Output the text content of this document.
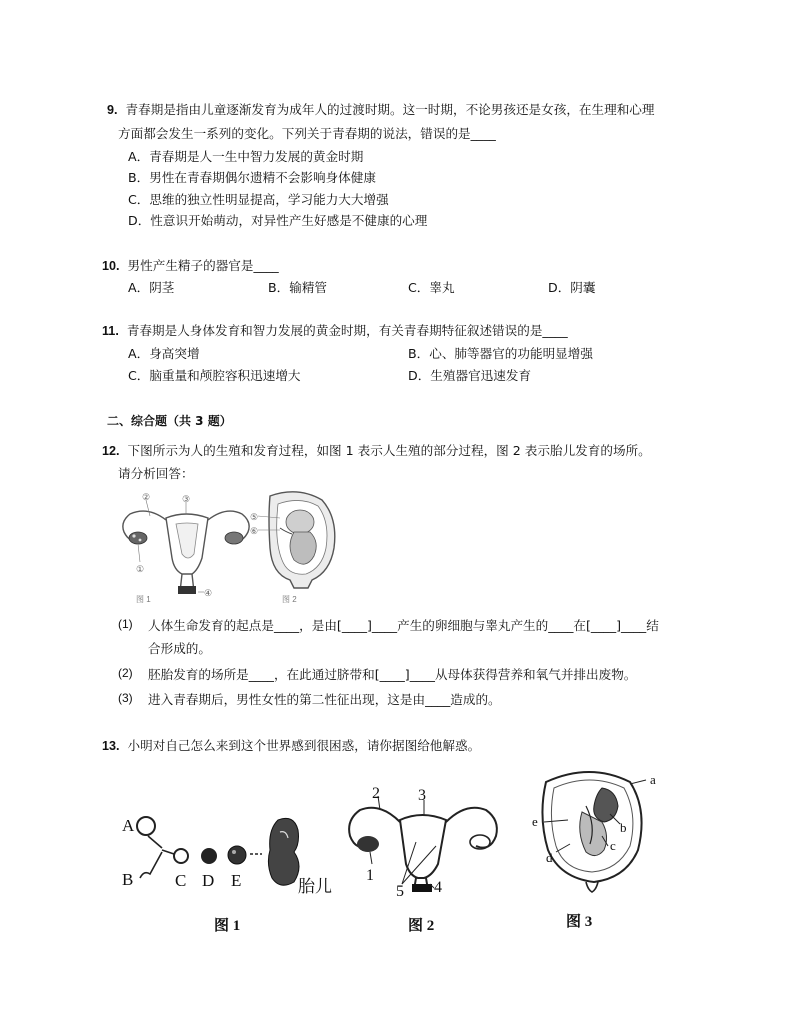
9. 青春期是指由儿童逐渐发育为成年人的过渡时期。这一时期，不论男孩还是女孩，在生理和心理
方面都会发生一系列的变化。下列关于青春期的说法，错误的是____
A．青春期是人一生中智力发展的黄金时期
B．男性在青春期偶尔遗精不会影响身体健康
C．思维的独立性明显提高，学习能力大大增强
D．性意识开始萌动，对异性产生好感是不健康的心理
10. 男性产生精子的器官是____
A．阴茎	B．输精管	C．睾丸	D．阴囊
11. 青春期是人身体发育和智力发展的黄金时期，有关青春期特征叙述错误的是____
A．身高突增	B．心、肺等器官的功能明显增强
C．脑重量和颅腔容积迅速增大	D．生殖器官迅速发育
二、综合题（共 3 题）
12. 下图所示为人的生殖和发育过程，如图 1 表示人生殖的部分过程，图 2 表示胎儿发育的场所。
请分析回答：
②	③
①
④
图 1
⑤
⑥
图 2
(1) 人体生命发育的起点是____，是由[____]____产生的卵细胞与睾丸产生的____在[____]____结
合形成的。
(2) 胚胎发育的场所是____，在此通过脐带和[____]____从母体获得营养和氧气并排出废物。
(3) 进入青春期后，男性女性的第二性征出现，这是由____造成的。
13. 小明对自己怎么来到这个世界感到很困惑，请你据图给他解惑。
A
B C D E	胎儿
图 1
2 3
1
5 4
图 2
a
e	b
c
d
图 3
